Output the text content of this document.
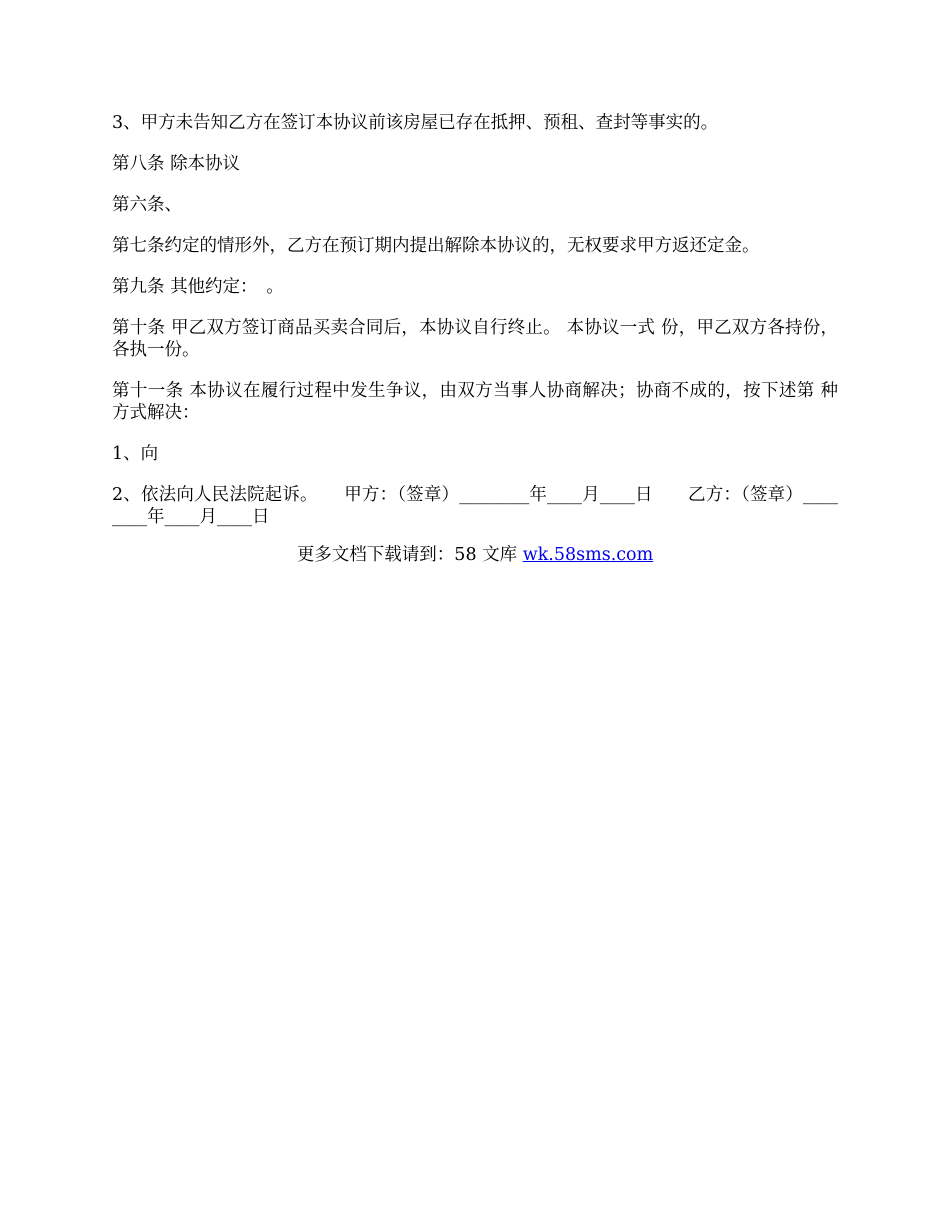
3、甲方未告知乙方在签订本协议前该房屋已存在抵押、预租、查封等事实的。

第八条 除本协议

第六条、

第七条约定的情形外，乙方在预订期内提出解除本协议的，无权要求甲方返还定金。

第九条 其他约定：　。

第十条 甲乙双方签订商品买卖合同后，本协议自行终止。 本协议一式 份，甲乙双方各持份，各执一份。

第十一条 本协议在履行过程中发生争议，由双方当事人协商解决；协商不成的，按下述第 种方式解决：

1、向

2、依法向人民法院起诉。　　甲方：（签章）________年____月____日　　乙方：（签章）________年____月____日

更多文档下载请到：58 文库 wk.58sms.com
